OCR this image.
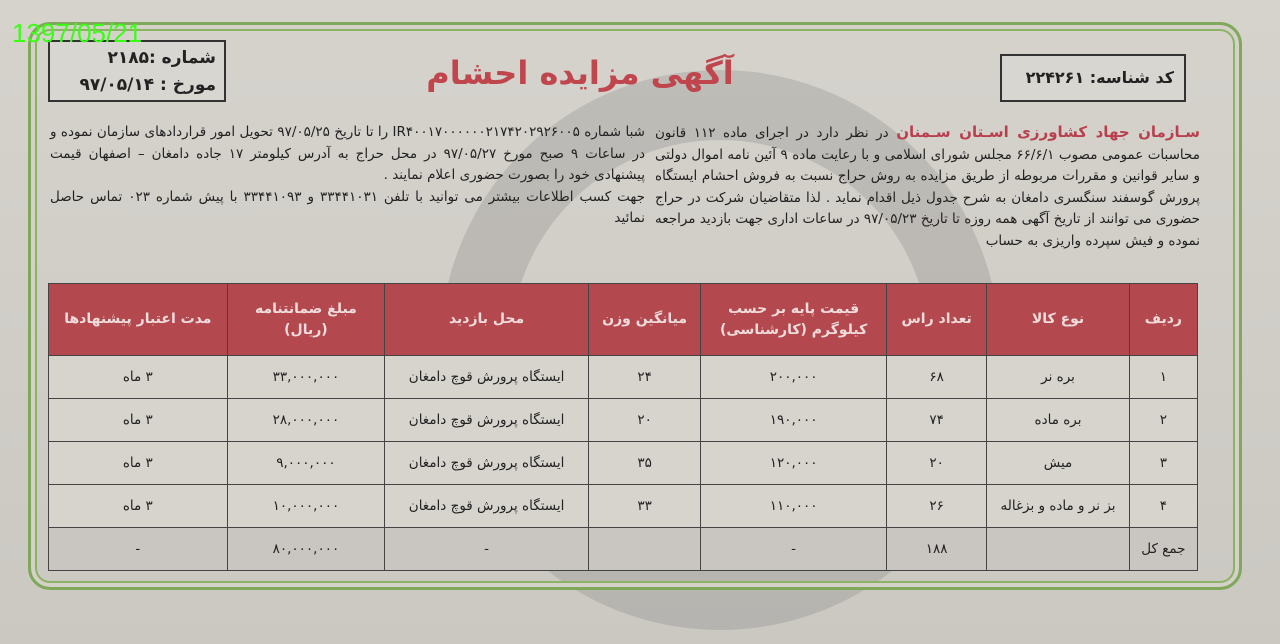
1397/05/21
شماره :۲۱۸۵
مورخ : ۹۷/۰۵/۱۴	آگهی مزایده احشام	کد شناسه: ۲۲۴۲۶۱
سـازمان جهاد کشاورزی اسـتان سـمنان در نظر دارد در اجرای ماده ۱۱۲ قانون محاسبات عمومی مصوب ۶۶/۶/۱ مجلس شورای اسلامی و با رعایت ماده ۹ آئین نامه اموال دولتی و سایر قوانین و مقررات مربوطه از طریق مزایده به روش حراج نسبت به فروش احشام ایستگاه پرورش گوسفند سنگسری دامغان به شرح جدول ذیل اقدام نماید . لذا متقاضیان شرکت در حراج حضوری می توانند از تاریخ آگهی همه روزه تا تاریخ ۹۷/۰۵/۲۳ در ساعات اداری جهت بازدید مراجعه نموده و فیش سپرده واریزی به حساب
شبا شماره IR۴۰۰۱۷۰۰۰۰۰۰۲۱۷۴۲۰۲۹۲۶۰۰۵ را تا تاریخ ۹۷/۰۵/۲۵ تحویل امور قراردادهای سازمان نموده و در ساعات ۹ صبح مورخ ۹۷/۰۵/۲۷ در محل حراج به آدرس کیلومتر ۱۷ جاده دامغان – اصفهان قیمت پیشنهادی خود را بصورت حضوری اعلام نمایند .
جهت کسب اطلاعات بیشتر می توانید با تلفن ۳۳۴۴۱۰۳۱ و ۳۳۴۴۱۰۹۳ با پیش شماره ۰۲۳ تماس حاصل نمائید
ردیف	نوع کالا	تعداد راس	قیمت پایه بر حسب کیلوگرم (کارشناسی)	میانگین وزن	محل بازدید	مبلغ ضمانتنامه (ریال)	مدت اعتبار پیشنهادها
۱	بره نر	۶۸	۲۰۰,۰۰۰	۲۴	ایستگاه پرورش قوچ دامغان	۳۳,۰۰۰,۰۰۰	۳ ماه
۲	بره ماده	۷۴	۱۹۰,۰۰۰	۲۰	ایستگاه پرورش قوچ دامغان	۲۸,۰۰۰,۰۰۰	۳ ماه
۳	میش	۲۰	۱۲۰,۰۰۰	۳۵	ایستگاه پرورش قوچ دامغان	۹,۰۰۰,۰۰۰	۳ ماه
۴	بز نر و ماده و بزغاله	۲۶	۱۱۰,۰۰۰	۳۳	ایستگاه پرورش قوچ دامغان	۱۰,۰۰۰,۰۰۰	۳ ماه
جمع کل		۱۸۸	-		-	۸۰,۰۰۰,۰۰۰	-
